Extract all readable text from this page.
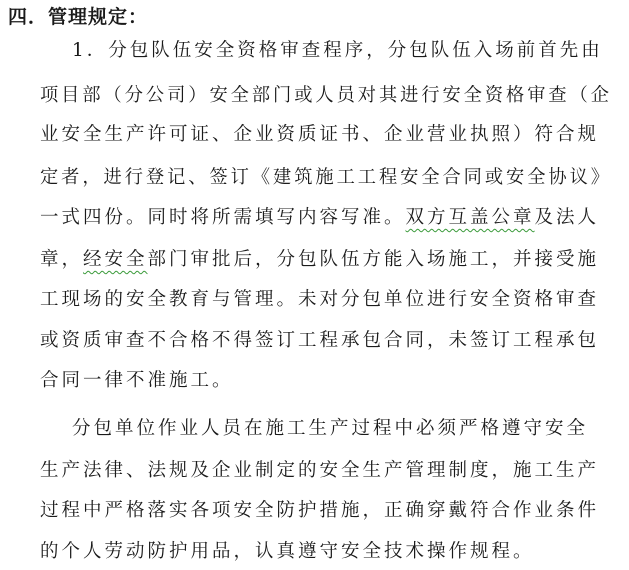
四．管理规定：
1．分包队伍安全资格审查程序，分包队伍入场前首先由
项目部（分公司）安全部门或人员对其进行安全资格审查（企
业安全生产许可证、企业资质证书、企业营业执照）符合规
定者，进行登记、签订《建筑施工工程安全合同或安全协议》
一式四份。同时将所需填写内容写准。双方互盖公章及法人
章，经安全部门审批后，分包队伍方能入场施工，并接受施
工现场的安全教育与管理。未对分包单位进行安全资格审查
或资质审查不合格不得签订工程承包合同，未签订工程承包
合同一律不准施工。
分包单位作业人员在施工生产过程中必须严格遵守安全
生产法律、法规及企业制定的安全生产管理制度，施工生产
过程中严格落实各项安全防护措施，正确穿戴符合作业条件
的个人劳动防护用品，认真遵守安全技术操作规程。
